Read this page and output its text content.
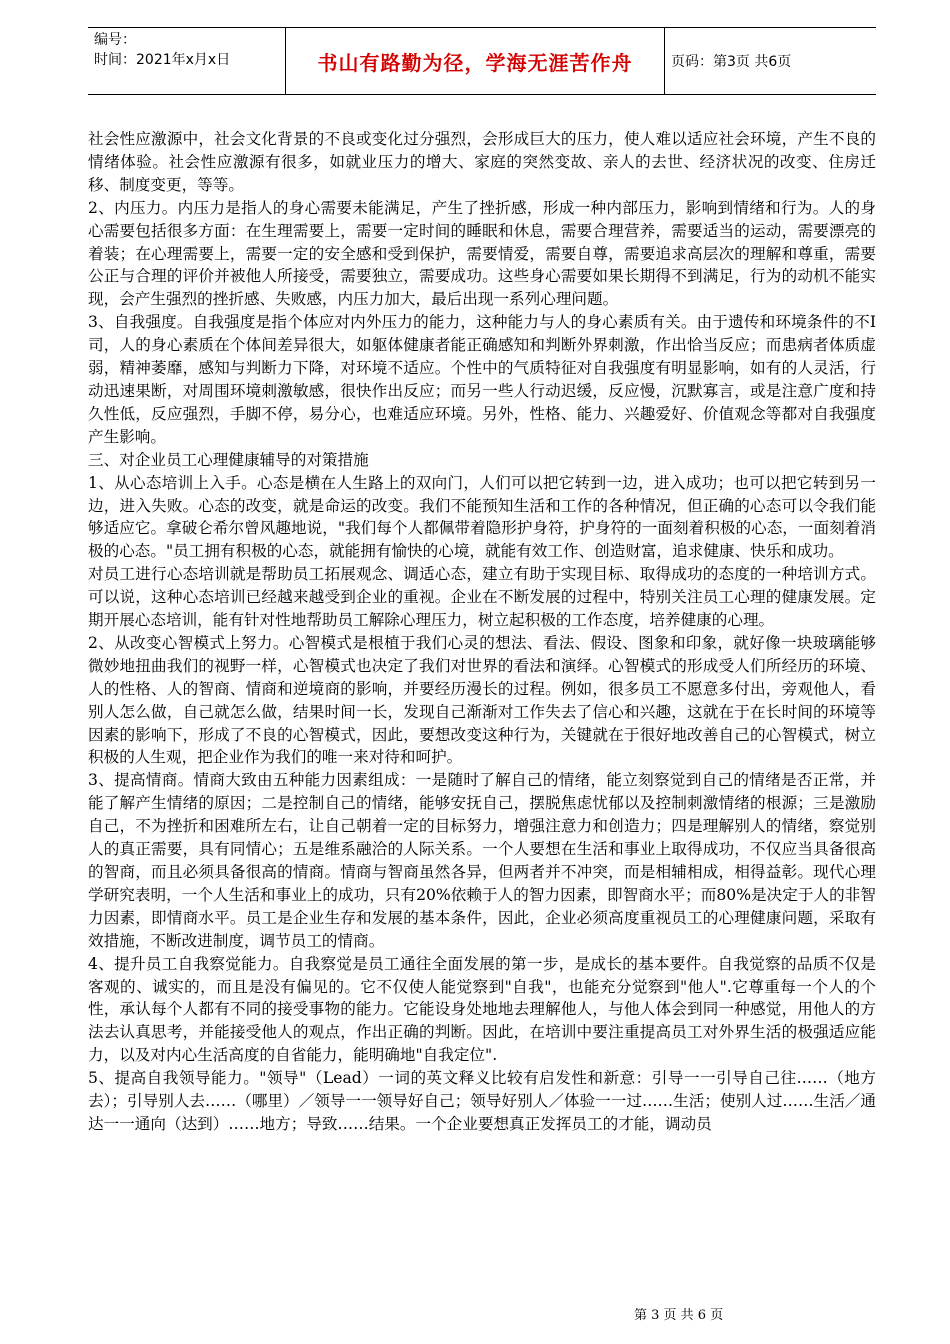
编号：
时间：2021年x月x日	书山有路勤为径，学海无涯苦作舟	页码：第3页 共6页

社会性应激源中，社会文化背景的不良或变化过分强烈，会形成巨大的压力，使人难以适应社会环境，产生不良的情绪体验。社会性应激源有很多，如就业压力的增大、家庭的突然变故、亲人的去世、经济状况的改变、住房迁移、制度变更，等等。

2、内压力。内压力是指人的身心需要未能满足，产生了挫折感，形成一种内部压力，影响到情绪和行为。人的身心需要包括很多方面：在生理需要上，需要一定时间的睡眠和休息，需要合理营养，需要适当的运动，需要漂亮的着装；在心理需要上，需要一定的安全感和受到保护，需要情爱，需要自尊，需要追求高层次的理解和尊重，需要公正与合理的评价并被他人所接受，需要独立，需要成功。这些身心需要如果长期得不到满足，行为的动机不能实现，会产生强烈的挫折感、失败感，内压力加大，最后出现一系列心理问题。

3、自我强度。自我强度是指个体应对内外压力的能力，这种能力与人的身心素质有关。由于遗传和环境条件的不I司，人的身心素质在个体间差异很大，如躯体健康者能正确感知和判断外界刺激，作出恰当反应；而患病者体质虚弱，精神萎靡，感知与判断力下降，对环境不适应。个性中的气质特征对自我强度有明显影响，如有的人灵活，行动迅速果断，对周围环境刺激敏感，很快作出反应；而另一些人行动迟缓，反应慢，沉默寡言，或是注意广度和持久性低，反应强烈，手脚不停，易分心，也难适应环境。另外，性格、能力、兴趣爱好、价值观念等都对自我强度产生影响。

三、对企业员工心理健康辅导的对策措施

1、从心态培训上入手。心态是横在人生路上的双向门，人们可以把它转到一边，进入成功；也可以把它转到另一边，进入失败。心态的改变，就是命运的改变。我们不能预知生活和工作的各种情况，但正确的心态可以令我们能够适应它。拿破仑希尔曾风趣地说，"我们每个人都佩带着隐形护身符，护身符的一面刻着积极的心态，一面刻着消极的心态。"员工拥有积极的心态，就能拥有愉快的心境，就能有效工作、创造财富，追求健康、快乐和成功。

对员工进行心态培训就是帮助员工拓展观念、调适心态，建立有助于实现目标、取得成功的态度的一种培训方式。可以说，这种心态培训已经越来越受到企业的重视。企业在不断发展的过程中，特别关注员工心理的健康发展。定期开展心态培训，能有针对性地帮助员工解除心理压力，树立起积极的工作态度，培养健康的心理。

2、从改变心智模式上努力。心智模式是根植于我们心灵的想法、看法、假设、图象和印象，就好像一块玻璃能够微妙地扭曲我们的视野一样，心智模式也决定了我们对世界的看法和演绎。心智模式的形成受人们所经历的环境、人的性格、人的智商、情商和逆境商的影响，并要经历漫长的过程。例如，很多员工不愿意多付出，旁观他人，看别人怎么做，自己就怎么做，结果时间一长，发现自己渐渐对工作失去了信心和兴趣，这就在于在长时间的环境等因素的影响下，形成了不良的心智模式，因此，要想改变这种行为，关键就在于很好地改善自己的心智模式，树立积极的人生观，把企业作为我们的唯一来对待和呵护。

3、提高情商。情商大致由五种能力因素组成：一是随时了解自己的情绪，能立刻察觉到自己的情绪是否正常，并能了解产生情绪的原因；二是控制自己的情绪，能够安抚自己，摆脱焦虑忧郁以及控制刺激情绪的根源；三是激励自己，不为挫折和困难所左右，让自己朝着一定的目标努力，增强注意力和创造力；四是理解别人的情绪，察觉别人的真正需要，具有同情心；五是维系融洽的人际关系。一个人要想在生活和事业上取得成功，不仅应当具备很高的智商，而且必须具备很高的情商。情商与智商虽然各异，但两者并不冲突，而是相辅相成，相得益彰。现代心理学研究表明，一个人生活和事业上的成功，只有20%依赖于人的智力因素，即智商水平；而80%是决定于人的非智力因素，即情商水平。员工是企业生存和发展的基本条件，因此，企业必须高度重视员工的心理健康问题，采取有效措施，不断改进制度，调节员工的情商。

4、提升员工自我察觉能力。自我察觉是员工通往全面发展的第一步，是成长的基本要件。自我觉察的品质不仅是客观的、诚实的，而且是没有偏见的。它不仅使人能觉察到"自我"，也能充分觉察到"他人".它尊重每一个人的个性，承认每个人都有不同的接受事物的能力。它能设身处地地去理解他人，与他人体会到同一种感觉，用他人的方法去认真思考，并能接受他人的观点，作出正确的判断。因此，在培训中要注重提高员工对外界生活的极强适应能力，以及对内心生活高度的自省能力，能明确地"自我定位".

5、提高自我领导能力。"领导"（Lead）一词的英文释义比较有启发性和新意：引导一一引导自己往……（地方去）；引导别人去……（哪里）／领导一一领导好自己；领导好别人／体验一一过……生活；使别人过……生活／通达一一通向（达到）……地方；导致……结果。一个企业要想真正发挥员工的才能，调动员

第 3 页 共 6 页
